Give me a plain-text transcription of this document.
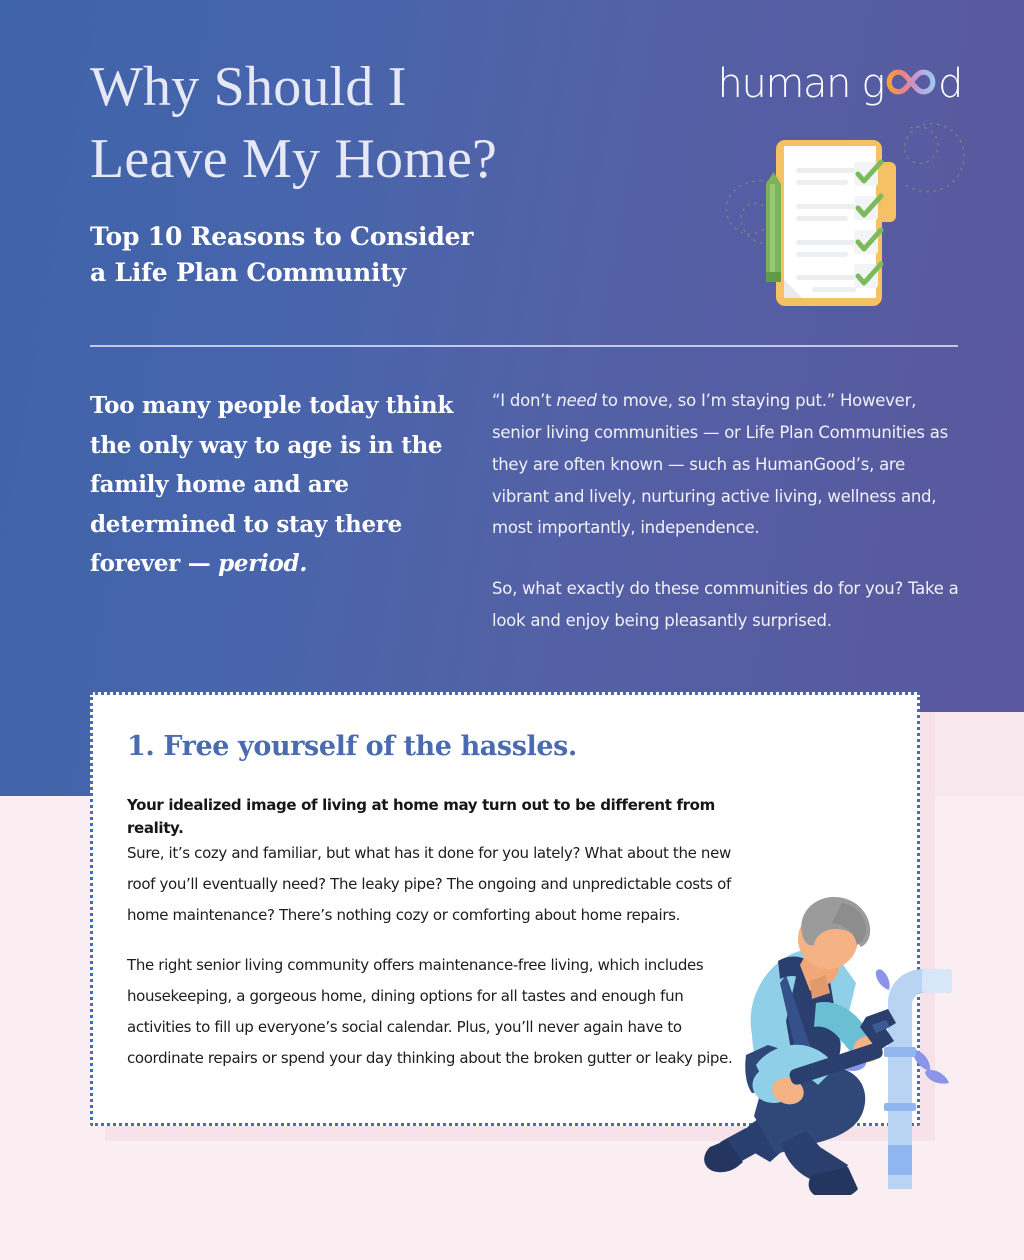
Why Should I
Leave My Home?
Top 10 Reasons to Consider
a Life Plan Community
human g d
Too many people today think the only way to age is in the family home and are determined to stay there forever — period.

“I don’t need to move, so I’m staying put.” However, senior living communities — or Life Plan Communities as they are often known — such as HumanGood’s, are vibrant and lively, nurturing active living, wellness and, most importantly, independence.

So, what exactly do these communities do for you? Take a look and enjoy being pleasantly surprised.

1. Free yourself of the hassles.
Your idealized image of living at home may turn out to be different from reality.

Sure, it’s cozy and familiar, but what has it done for you lately? What about the new roof you’ll eventually need? The leaky pipe? The ongoing and unpredictable costs of home maintenance? There’s nothing cozy or comforting about home repairs.

The right senior living community offers maintenance-free living, which includes housekeeping, a gorgeous home, dining options for all tastes and enough fun activities to fill up everyone’s social calendar. Plus, you’ll never again have to coordinate repairs or spend your day thinking about the broken gutter or leaky pipe.
